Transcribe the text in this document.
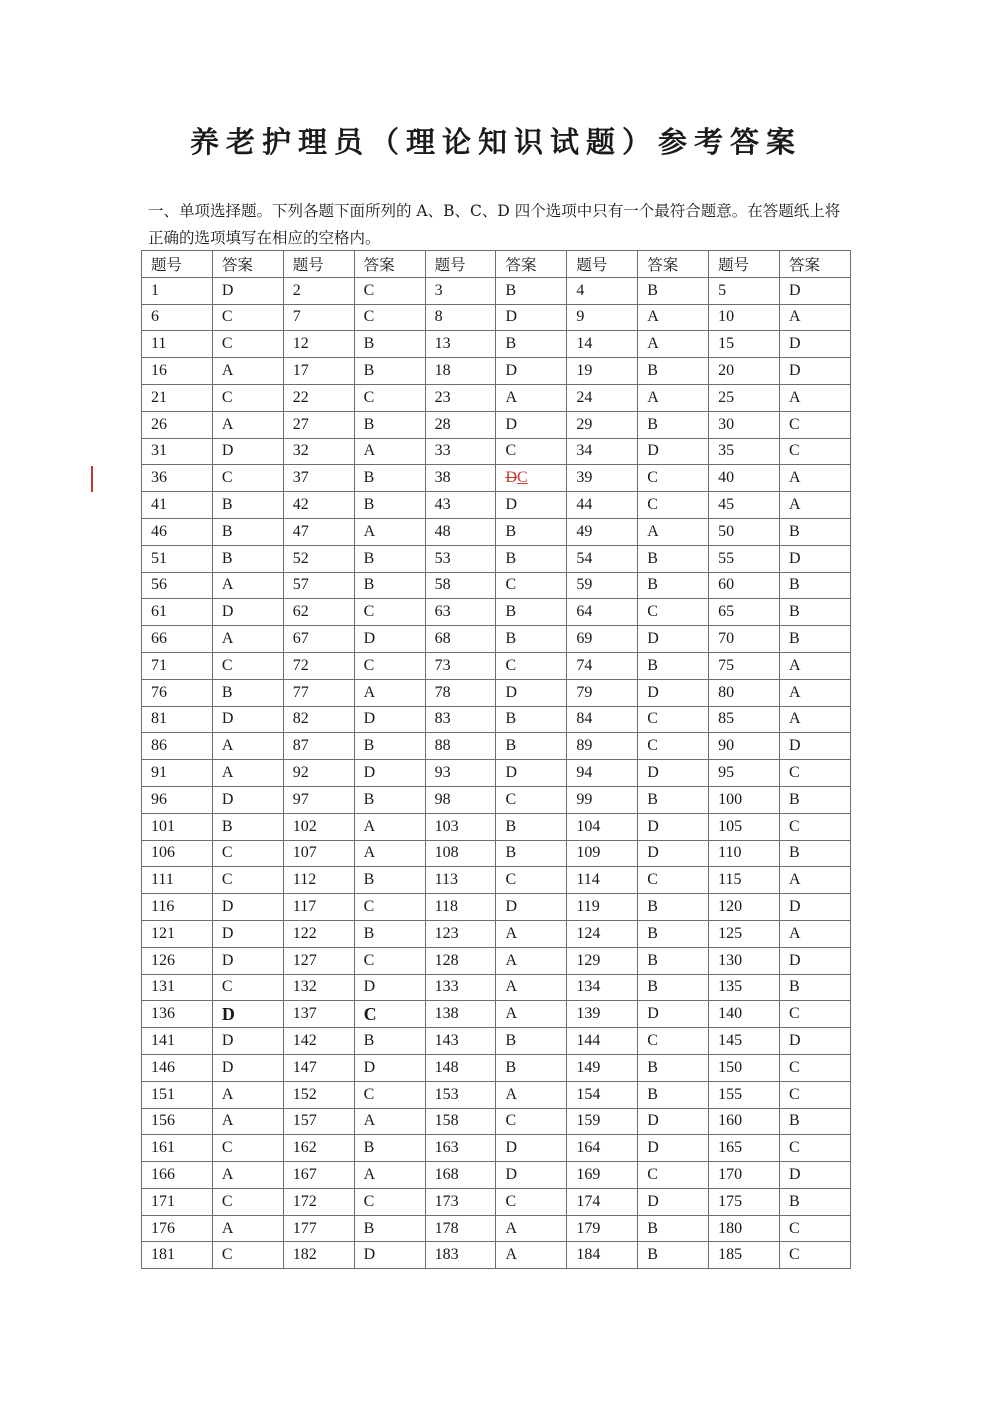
养老护理员（理论知识试题）参考答案

一、单项选择题。下列各题下面所列的 A、B、C、D 四个选项中只有一个最符合题意。在答题纸上将正确的选项填写在相应的空格内。

题号	答案	题号	答案	题号	答案	题号	答案	题号	答案
1	D	2	C	3	B	4	B	5	D
6	C	7	C	8	D	9	A	10	A
11	C	12	B	13	B	14	A	15	D
16	A	17	B	18	D	19	B	20	D
21	C	22	C	23	A	24	A	25	A
26	A	27	B	28	D	29	B	30	C
31	D	32	A	33	C	34	D	35	C
36	C	37	B	38	DC	39	C	40	A
41	B	42	B	43	D	44	C	45	A
46	B	47	A	48	B	49	A	50	B
51	B	52	B	53	B	54	B	55	D
56	A	57	B	58	C	59	B	60	B
61	D	62	C	63	B	64	C	65	B
66	A	67	D	68	B	69	D	70	B
71	C	72	C	73	C	74	B	75	A
76	B	77	A	78	D	79	D	80	A
81	D	82	D	83	B	84	C	85	A
86	A	87	B	88	B	89	C	90	D
91	A	92	D	93	D	94	D	95	C
96	D	97	B	98	C	99	B	100	B
101	B	102	A	103	B	104	D	105	C
106	C	107	A	108	B	109	D	110	B
111	C	112	B	113	C	114	C	115	A
116	D	117	C	118	D	119	B	120	D
121	D	122	B	123	A	124	B	125	A
126	D	127	C	128	A	129	B	130	D
131	C	132	D	133	A	134	B	135	B
136	D	137	C	138	A	139	D	140	C
141	D	142	B	143	B	144	C	145	D
146	D	147	D	148	B	149	B	150	C
151	A	152	C	153	A	154	B	155	C
156	A	157	A	158	C	159	D	160	B
161	C	162	B	163	D	164	D	165	C
166	A	167	A	168	D	169	C	170	D
171	C	172	C	173	C	174	D	175	B
176	A	177	B	178	A	179	B	180	C
181	C	182	D	183	A	184	B	185	C
